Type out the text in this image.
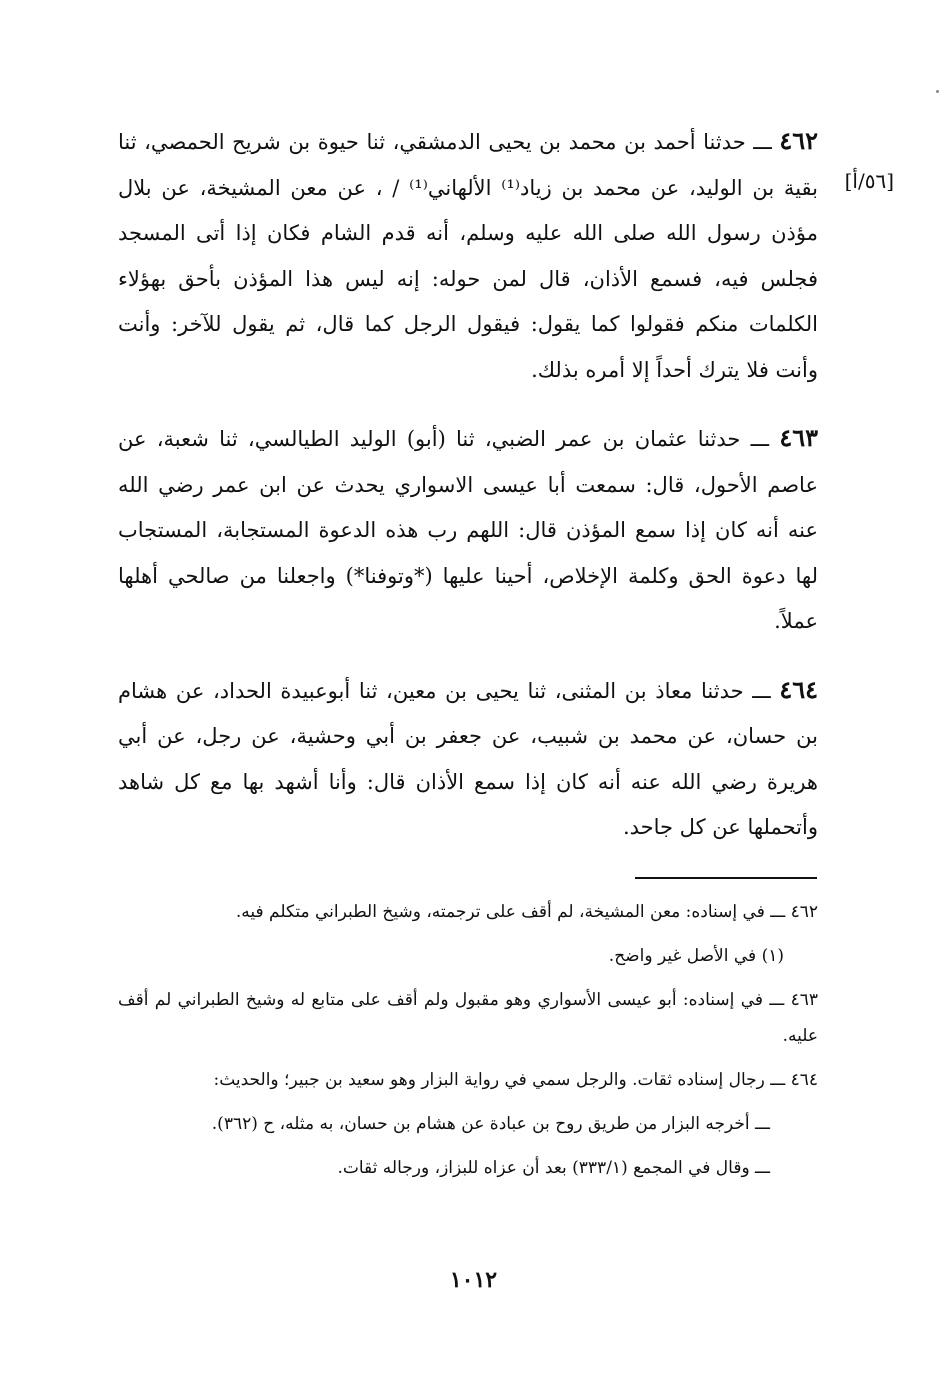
[٥٦/أ]

٤٦٢ ـــ حدثنا أحمد بن محمد بن يحيى الدمشقي، ثنا حيوة بن شريح الحمصي، ثنا بقية بن الوليد، عن محمد بن زياد⁽¹⁾ الألهاني⁽¹⁾ / ، عن معن المشيخة، عن بلال مؤذن رسول الله صلى الله عليه وسلم، أنه قدم الشام فكان إذا أتى المسجد فجلس فيه، فسمع الأذان، قال لمن حوله: إنه ليس هذا المؤذن بأحق بهؤلاء الكلمات منكم فقولوا كما يقول: فيقول الرجل كما قال، ثم يقول للآخر: وأنت وأنت فلا يترك أحداً إلا أمره بذلك.

٤٦٣ ـــ حدثنا عثمان بن عمر الضبي، ثنا (أبو) الوليد الطيالسي، ثنا شعبة، عن عاصم الأحول، قال: سمعت أبا عيسى الاسواري يحدث عن ابن عمر رضي الله عنه أنه كان إذا سمع المؤذن قال: اللهم رب هذه الدعوة المستجابة، المستجاب لها دعوة الحق وكلمة الإخلاص، أحينا عليها (*وتوفنا*) واجعلنا من صالحي أهلها عملاً.

٤٦٤ ـــ حدثنا معاذ بن المثنى، ثنا يحيى بن معين، ثنا أبوعبيدة الحداد، عن هشام بن حسان، عن محمد بن شبيب، عن جعفر بن أبي وحشية، عن رجل، عن أبي هريرة رضي الله عنه أنه كان إذا سمع الأذان قال: وأنا أشهد بها مع كل شاهد وأتحملها عن كل جاحد.

٤٦٢ ـــ في إسناده: معن المشيخة، لم أقف على ترجمته، وشيخ الطبراني متكلم فيه.

(١) في الأصل غير واضح.

٤٦٣ ـــ في إسناده: أبو عيسى الأسواري وهو مقبول ولم أقف على متابع له وشيخ الطبراني لم أقف عليه.

٤٦٤ ـــ رجال إسناده ثقات. والرجل سمي في رواية البزار وهو سعيد بن جبير؛ والحديث:

ـــ أخرجه البزار من طريق روح بن عبادة عن هشام بن حسان، به مثله، ح (٣٦٢).

ـــ وقال في المجمع (٣٣٣/١) بعد أن عزاه للبزاز، ورجاله ثقات.

١٠١٢
